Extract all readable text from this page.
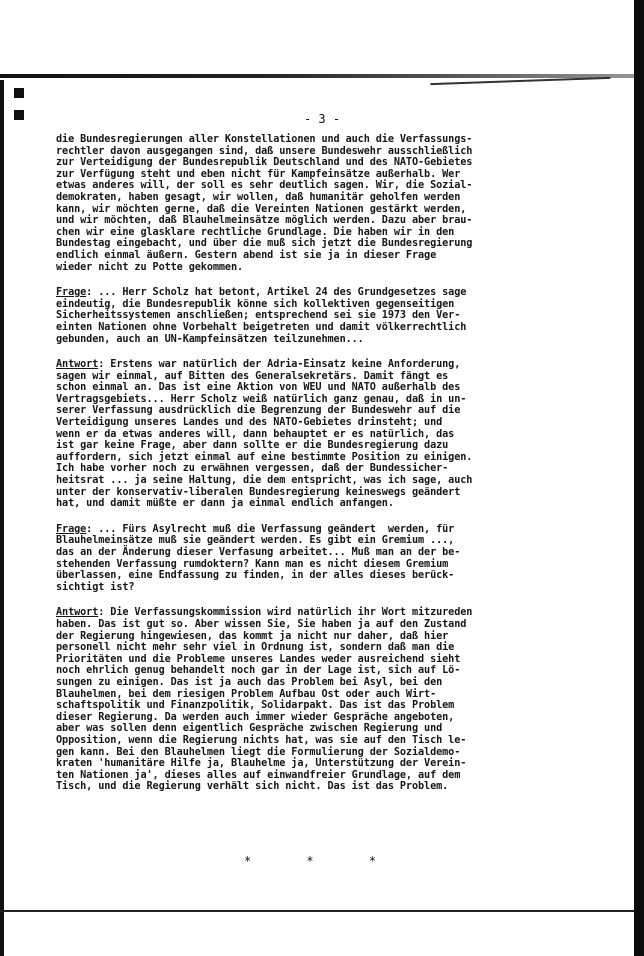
- 3 -
die Bundesregierungen aller Konstellationen und auch die Verfassungs-
rechtler davon ausgegangen sind, daß unsere Bundeswehr ausschließlich
zur Verteidigung der Bundesrepublik Deutschland und des NATO-Gebietes
zur Verfügung steht und eben nicht für Kampfeinsätze außerhalb. Wer
etwas anderes will, der soll es sehr deutlich sagen. Wir, die Sozial-
demokraten, haben gesagt, wir wollen, daß humanitär geholfen werden
kann, wir möchten gerne, daß die Vereinten Nationen gestärkt werden,
und wir möchten, daß Blauhelmeinsätze möglich werden. Dazu aber brau-
chen wir eine glasklare rechtliche Grundlage. Die haben wir in den
Bundestag eingebacht, und über die muß sich jetzt die Bundesregierung
endlich einmal äußern. Gestern abend ist sie ja in dieser Frage
wieder nicht zu Potte gekommen.
Frage: ... Herr Scholz hat betont, Artikel 24 des Grundgesetzes sage
eindeutig, die Bundesrepublik könne sich kollektiven gegenseitigen
Sicherheitssystemen anschließen; entsprechend sei sie 1973 den Ver-
einten Nationen ohne Vorbehalt beigetreten und damit völkerrechtlich
gebunden, auch an UN-Kampfeinsätzen teilzunehmen...
Antwort: Erstens war natürlich der Adria-Einsatz keine Anforderung,
sagen wir einmal, auf Bitten des Generalsekretärs. Damit fängt es
schon einmal an. Das ist eine Aktion von WEU und NATO außerhalb des
Vertragsgebiets... Herr Scholz weiß natürlich ganz genau, daß in un-
serer Verfassung ausdrücklich die Begrenzung der Bundeswehr auf die
Verteidigung unseres Landes und des NATO-Gebietes drinsteht; und
wenn er da etwas anderes will, dann behauptet er es natürlich, das
ist gar keine Frage, aber dann sollte er die Bundesregierung dazu
auffordern, sich jetzt einmal auf eine bestimmte Position zu einigen.
Ich habe vorher noch zu erwähnen vergessen, daß der Bundessicher-
heitsrat ... ja seine Haltung, die dem entspricht, was ich sage, auch
unter der konservativ-liberalen Bundesregierung keineswegs geändert
hat, und damit müßte er dann ja einmal endlich anfangen.
Frage: ... Fürs Asylrecht muß die Verfassung geändert  werden, für
Blauhelmeinsätze muß sie geändert werden. Es gibt ein Gremium ...,
das an der Änderung dieser Verfasung arbeitet... Muß man an der be-
stehenden Verfassung rumdoktern? Kann man es nicht diesem Gremium
überlassen, eine Endfassung zu finden, in der alles dieses berück-
sichtigt ist?
Antwort: Die Verfassungskommission wird natürlich ihr Wort mitzureden
haben. Das ist gut so. Aber wissen Sie, Sie haben ja auf den Zustand
der Regierung hingewiesen, das kommt ja nicht nur daher, daß hier
personell nicht mehr sehr viel in Ordnung ist, sondern daß man die
Prioritäten und die Probleme unseres Landes weder ausreichend sieht
noch ehrlich genug behandelt noch gar in der Lage ist, sich auf Lö-
sungen zu einigen. Das ist ja auch das Problem bei Asyl, bei den
Blauhelmen, bei dem riesigen Problem Aufbau Ost oder auch Wirt-
schaftspolitik und Finanzpolitik, Solidarpakt. Das ist das Problem
dieser Regierung. Da werden auch immer wieder Gespräche angeboten,
aber was sollen denn eigentlich Gespräche zwischen Regierung und
Opposition, wenn die Regierung nichts hat, was sie auf den Tisch le-
gen kann. Bei den Blauhelmen liegt die Formulierung der Sozialdemo-
kraten 'humanitäre Hilfe ja, Blauhelme ja, Unterstützung der Verein-
ten Nationen ja', dieses alles auf einwandfreier Grundlage, auf dem
Tisch, und die Regierung verhält sich nicht. Das ist das Problem.
* * *
